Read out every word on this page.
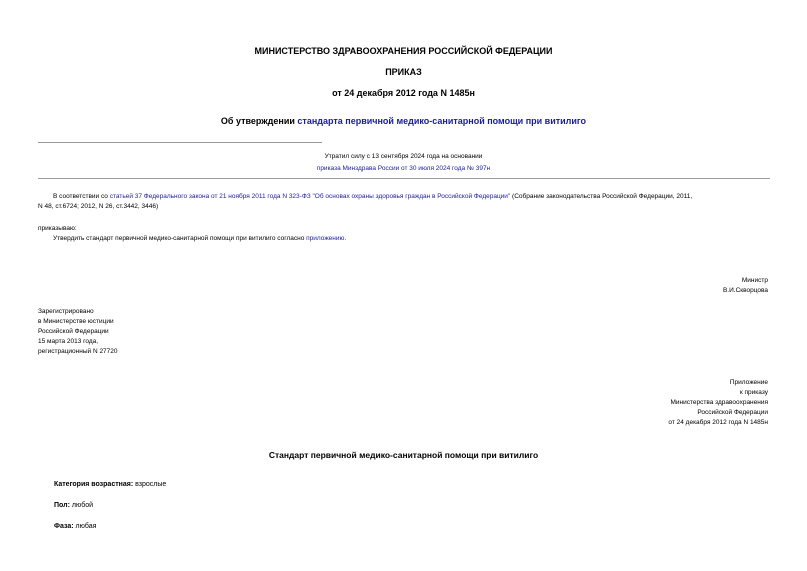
МИНИСТЕРСТВО ЗДРАВООХРАНЕНИЯ РОССИЙСКОЙ ФЕДЕРАЦИИ
ПРИКАЗ
от 24 декабря 2012 года N 1485н
Об утверждении стандарта первичной медико-санитарной помощи при витилиго
Утратил силу с 13 сентября 2024 года на основании
приказа Минздрава России от 30 июля 2024 года № 397н
В соответствии со статьей 37 Федерального закона от 21 ноября 2011 года N 323-ФЗ "Об основах охраны здоровья граждан в Российской Федерации" (Собрание законодательства Российской Федерации, 2011,
N 48, ст.6724; 2012, N 26, ст.3442, 3446)
приказываю:
Утвердить стандарт первичной медико-санитарной помощи при витилиго согласно приложению.
Министр
В.И.Скворцова
Зарегистрировано
в Министерстве юстиции
Российской Федерации
15 марта 2013 года,
регистрационный N 27720
Приложение
к приказу
Министерства здравоохранения
Российской Федерации
от 24 декабря 2012 года N 1485н
Стандарт первичной медико-санитарной помощи при витилиго
Категория возрастная: взрослые
Пол: любой
Фаза: любая
